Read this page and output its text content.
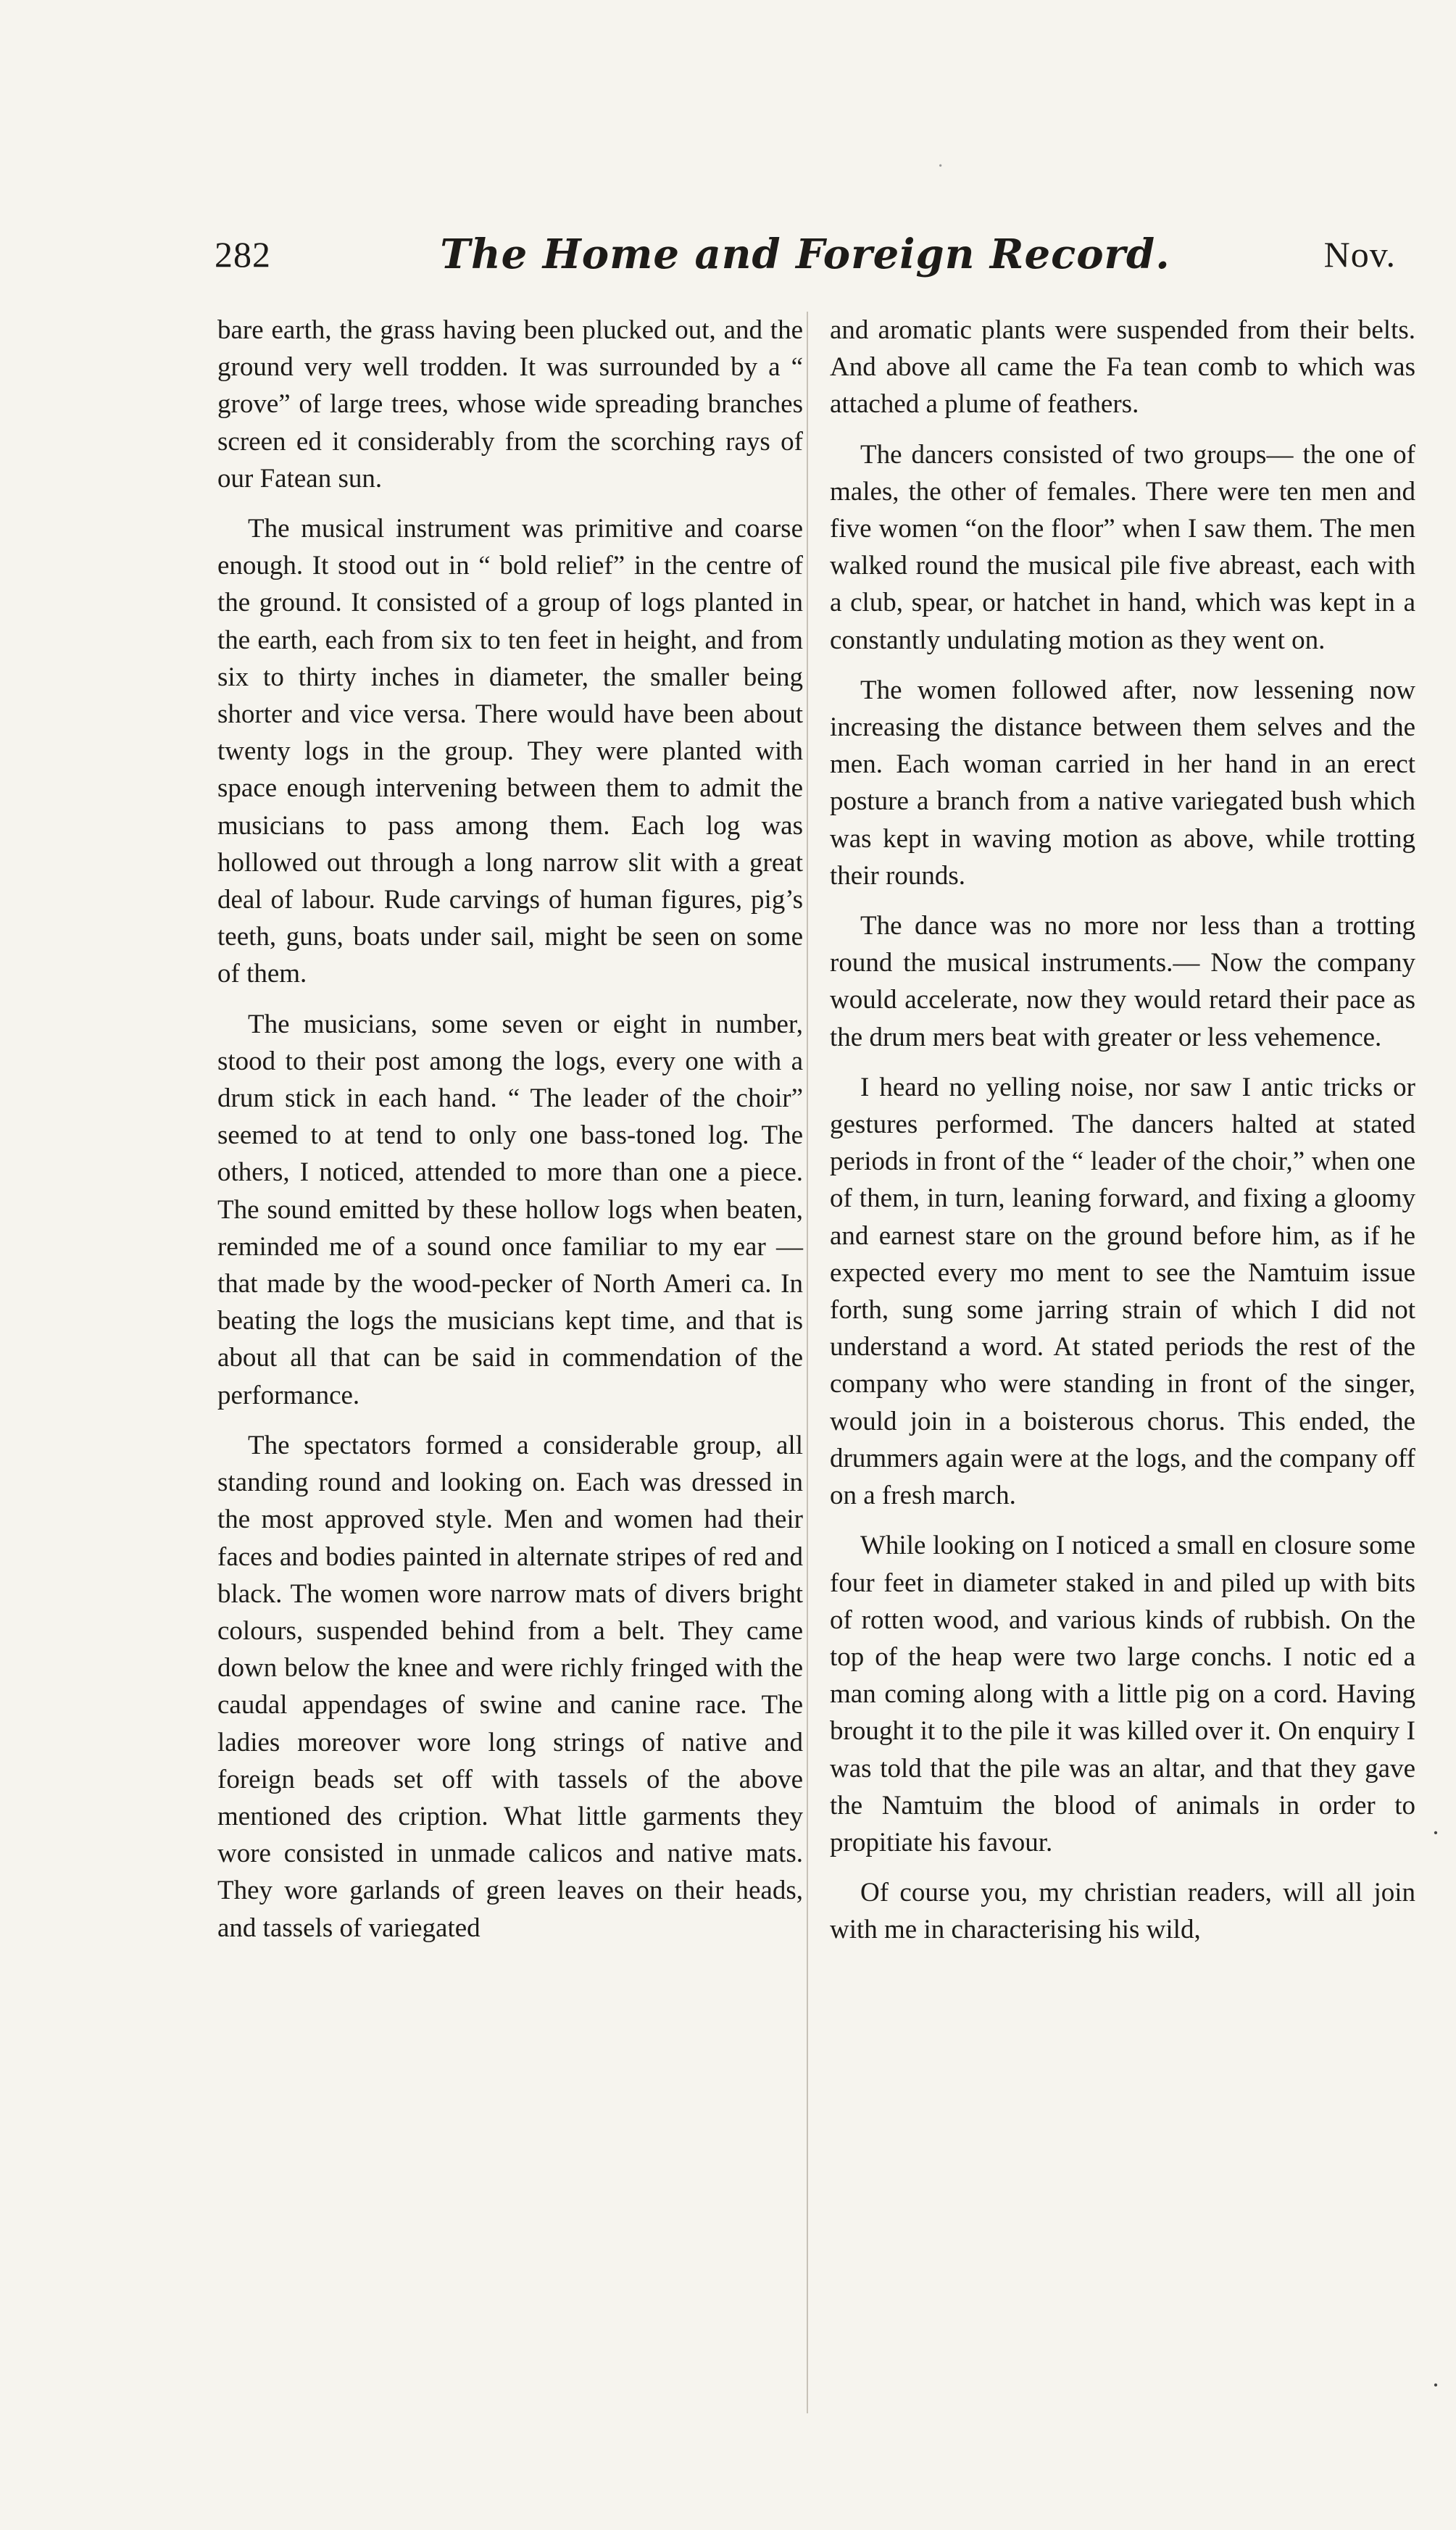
282	The Home and Foreign Record.	Nov.

bare earth, the grass having been plucked out, and the ground very well trodden. It was surrounded by a “ grove” of large trees, whose wide spreading branches screen ed it considerably from the scorching rays of our Fatean sun.

The musical instrument was primitive and coarse enough. It stood out in “ bold relief” in the centre of the ground. It consisted of a group of logs planted in the earth, each from six to ten feet in height, and from six to thirty inches in diameter, the smaller being shorter and vice versa. There would have been about twenty logs in the group. They were planted with space enough intervening between them to admit the musicians to pass among them. Each log was hollowed out through a long narrow slit with a great deal of labour. Rude carvings of human figures, pig’s teeth, guns, boats under sail, might be seen on some of them.

The musicians, some seven or eight in number, stood to their post among the logs, every one with a drum stick in each hand. “ The leader of the choir” seemed to at tend to only one bass-toned log. The others, I noticed, attended to more than one a piece. The sound emitted by these hollow logs when beaten, reminded me of a sound once familiar to my ear — that made by the wood-pecker of North Ameri ca. In beating the logs the musicians kept time, and that is about all that can be said in commendation of the performance.

The spectators formed a considerable group, all standing round and looking on. Each was dressed in the most approved style. Men and women had their faces and bodies painted in alternate stripes of red and black. The women wore narrow mats of divers bright colours, suspended behind from a belt. They came down below the knee and were richly fringed with the caudal appendages of swine and canine race. The ladies moreover wore long strings of native and foreign beads set off with tassels of the above mentioned des cription. What little garments they wore consisted in unmade calicos and native mats. They wore garlands of green leaves on their heads, and tassels of variegated

and aromatic plants were suspended from their belts. And above all came the Fa tean comb to which was attached a plume of feathers.

The dancers consisted of two groups— the one of males, the other of females. There were ten men and five women “on the floor” when I saw them. The men walked round the musical pile five abreast, each with a club, spear, or hatchet in hand, which was kept in a constantly undulating motion as they went on.

The women followed after, now lessening now increasing the distance between them selves and the men. Each woman carried in her hand in an erect posture a branch from a native variegated bush which was kept in waving motion as above, while trotting their rounds.

The dance was no more nor less than a trotting round the musical instruments.— Now the company would accelerate, now they would retard their pace as the drum mers beat with greater or less vehemence.

I heard no yelling noise, nor saw I antic tricks or gestures performed. The dancers halted at stated periods in front of the “ leader of the choir,” when one of them, in turn, leaning forward, and fixing a gloomy and earnest stare on the ground before him, as if he expected every mo ment to see the Namtuim issue forth, sung some jarring strain of which I did not understand a word. At stated periods the rest of the company who were standing in front of the singer, would join in a boisterous chorus. This ended, the drummers again were at the logs, and the company off on a fresh march.

While looking on I noticed a small en closure some four feet in diameter staked in and piled up with bits of rotten wood, and various kinds of rubbish. On the top of the heap were two large conchs. I notic ed a man coming along with a little pig on a cord. Having brought it to the pile it was killed over it. On enquiry I was told that the pile was an altar, and that they gave the Namtuim the blood of animals in order to propitiate his favour.

Of course you, my christian readers, will all join with me in characterising his wild,

·
·
·
